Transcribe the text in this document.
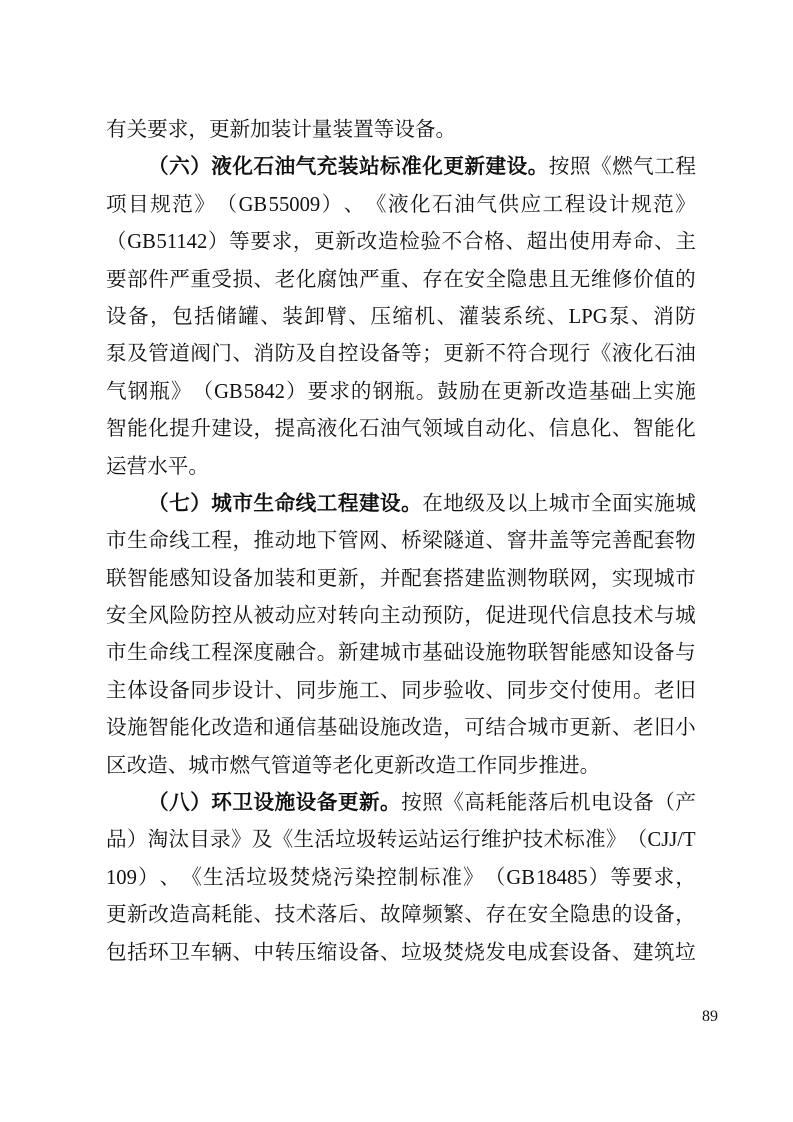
有关要求，更新加装计量装置等设备。
（ 六 ） 液 化 石 油 气 充 装 站 标 准 化 更 新 建 设 。 按 照 《 燃 气 工 程
项 目 规 范 》 （ GB 55009 ） 、 《 液 化 石 油 气 供 应 工 程 设 计 规 范 》
（ GB 51142 ） 等 要 求 ， 更 新 改 造 检 验 不 合 格 、 超 出 使 用 寿 命 、 主
要 部 件 严 重 受 损 、 老 化 腐 蚀 严 重 、 存 在 安 全 隐 患 且 无 维 修 价 值 的
设 备 ， 包 括 储 罐 、 装 卸 臂 、 压 缩 机 、 灌 装 系 统 、 LPG 泵 、 消 防
泵 及 管 道 阀 门 、 消 防 及 自 控 设 备 等 ； 更 新 不 符 合 现 行 《 液 化 石 油
气 钢 瓶 》 （ GB 5842 ） 要 求 的 钢 瓶 。 鼓 励 在 更 新 改 造 基 础 上 实 施
智 能 化 提 升 建 设 ， 提 高 液 化 石 油 气 领 域 自 动 化 、 信 息 化 、 智 能 化
运营水平。
（ 七 ） 城 市 生 命 线 工 程 建 设 。 在 地 级 及 以 上 城 市 全 面 实 施 城
市 生 命 线 工 程 ， 推 动 地 下 管 网 、 桥 梁 隧 道 、 窨 井 盖 等 完 善 配 套 物
联 智 能 感 知 设 备 加 装 和 更 新 ， 并 配 套 搭 建 监 测 物 联 网 ， 实 现 城 市
安 全 风 险 防 控 从 被 动 应 对 转 向 主 动 预 防 ， 促 进 现 代 信 息 技 术 与 城
市 生 命 线 工 程 深 度 融 合 。 新 建 城 市 基 础 设 施 物 联 智 能 感 知 设 备 与
主 体 设 备 同 步 设 计 、 同 步 施 工 、 同 步 验 收 、 同 步 交 付 使 用 。 老 旧
设 施 智 能 化 改 造 和 通 信 基 础 设 施 改 造 ， 可 结 合 城 市 更 新 、 老 旧 小
区改造、城市燃气管道等老化更新改造工作同步推进。
（ 八 ） 环 卫 设 施 设 备 更 新 。 按 照 《 高 耗 能 落 后 机 电 设 备 （ 产
品 ） 淘 汰 目 录 》 及 《 生 活 垃 圾 转 运 站 运 行 维 护 技 术 标 准 》 （ CJJ/T
109 ） 、 《 生 活 垃 圾 焚 烧 污 染 控 制 标 准 》 （ GB 18485 ） 等 要 求 ，
更 新 改 造 高 耗 能 、 技 术 落 后 、 故 障 频 繁 、 存 在 安 全 隐 患 的 设 备 ，
包 括 环 卫 车 辆 、 中 转 压 缩 设 备 、 垃 圾 焚 烧 发 电 成 套 设 备 、 建 筑 垃
89
